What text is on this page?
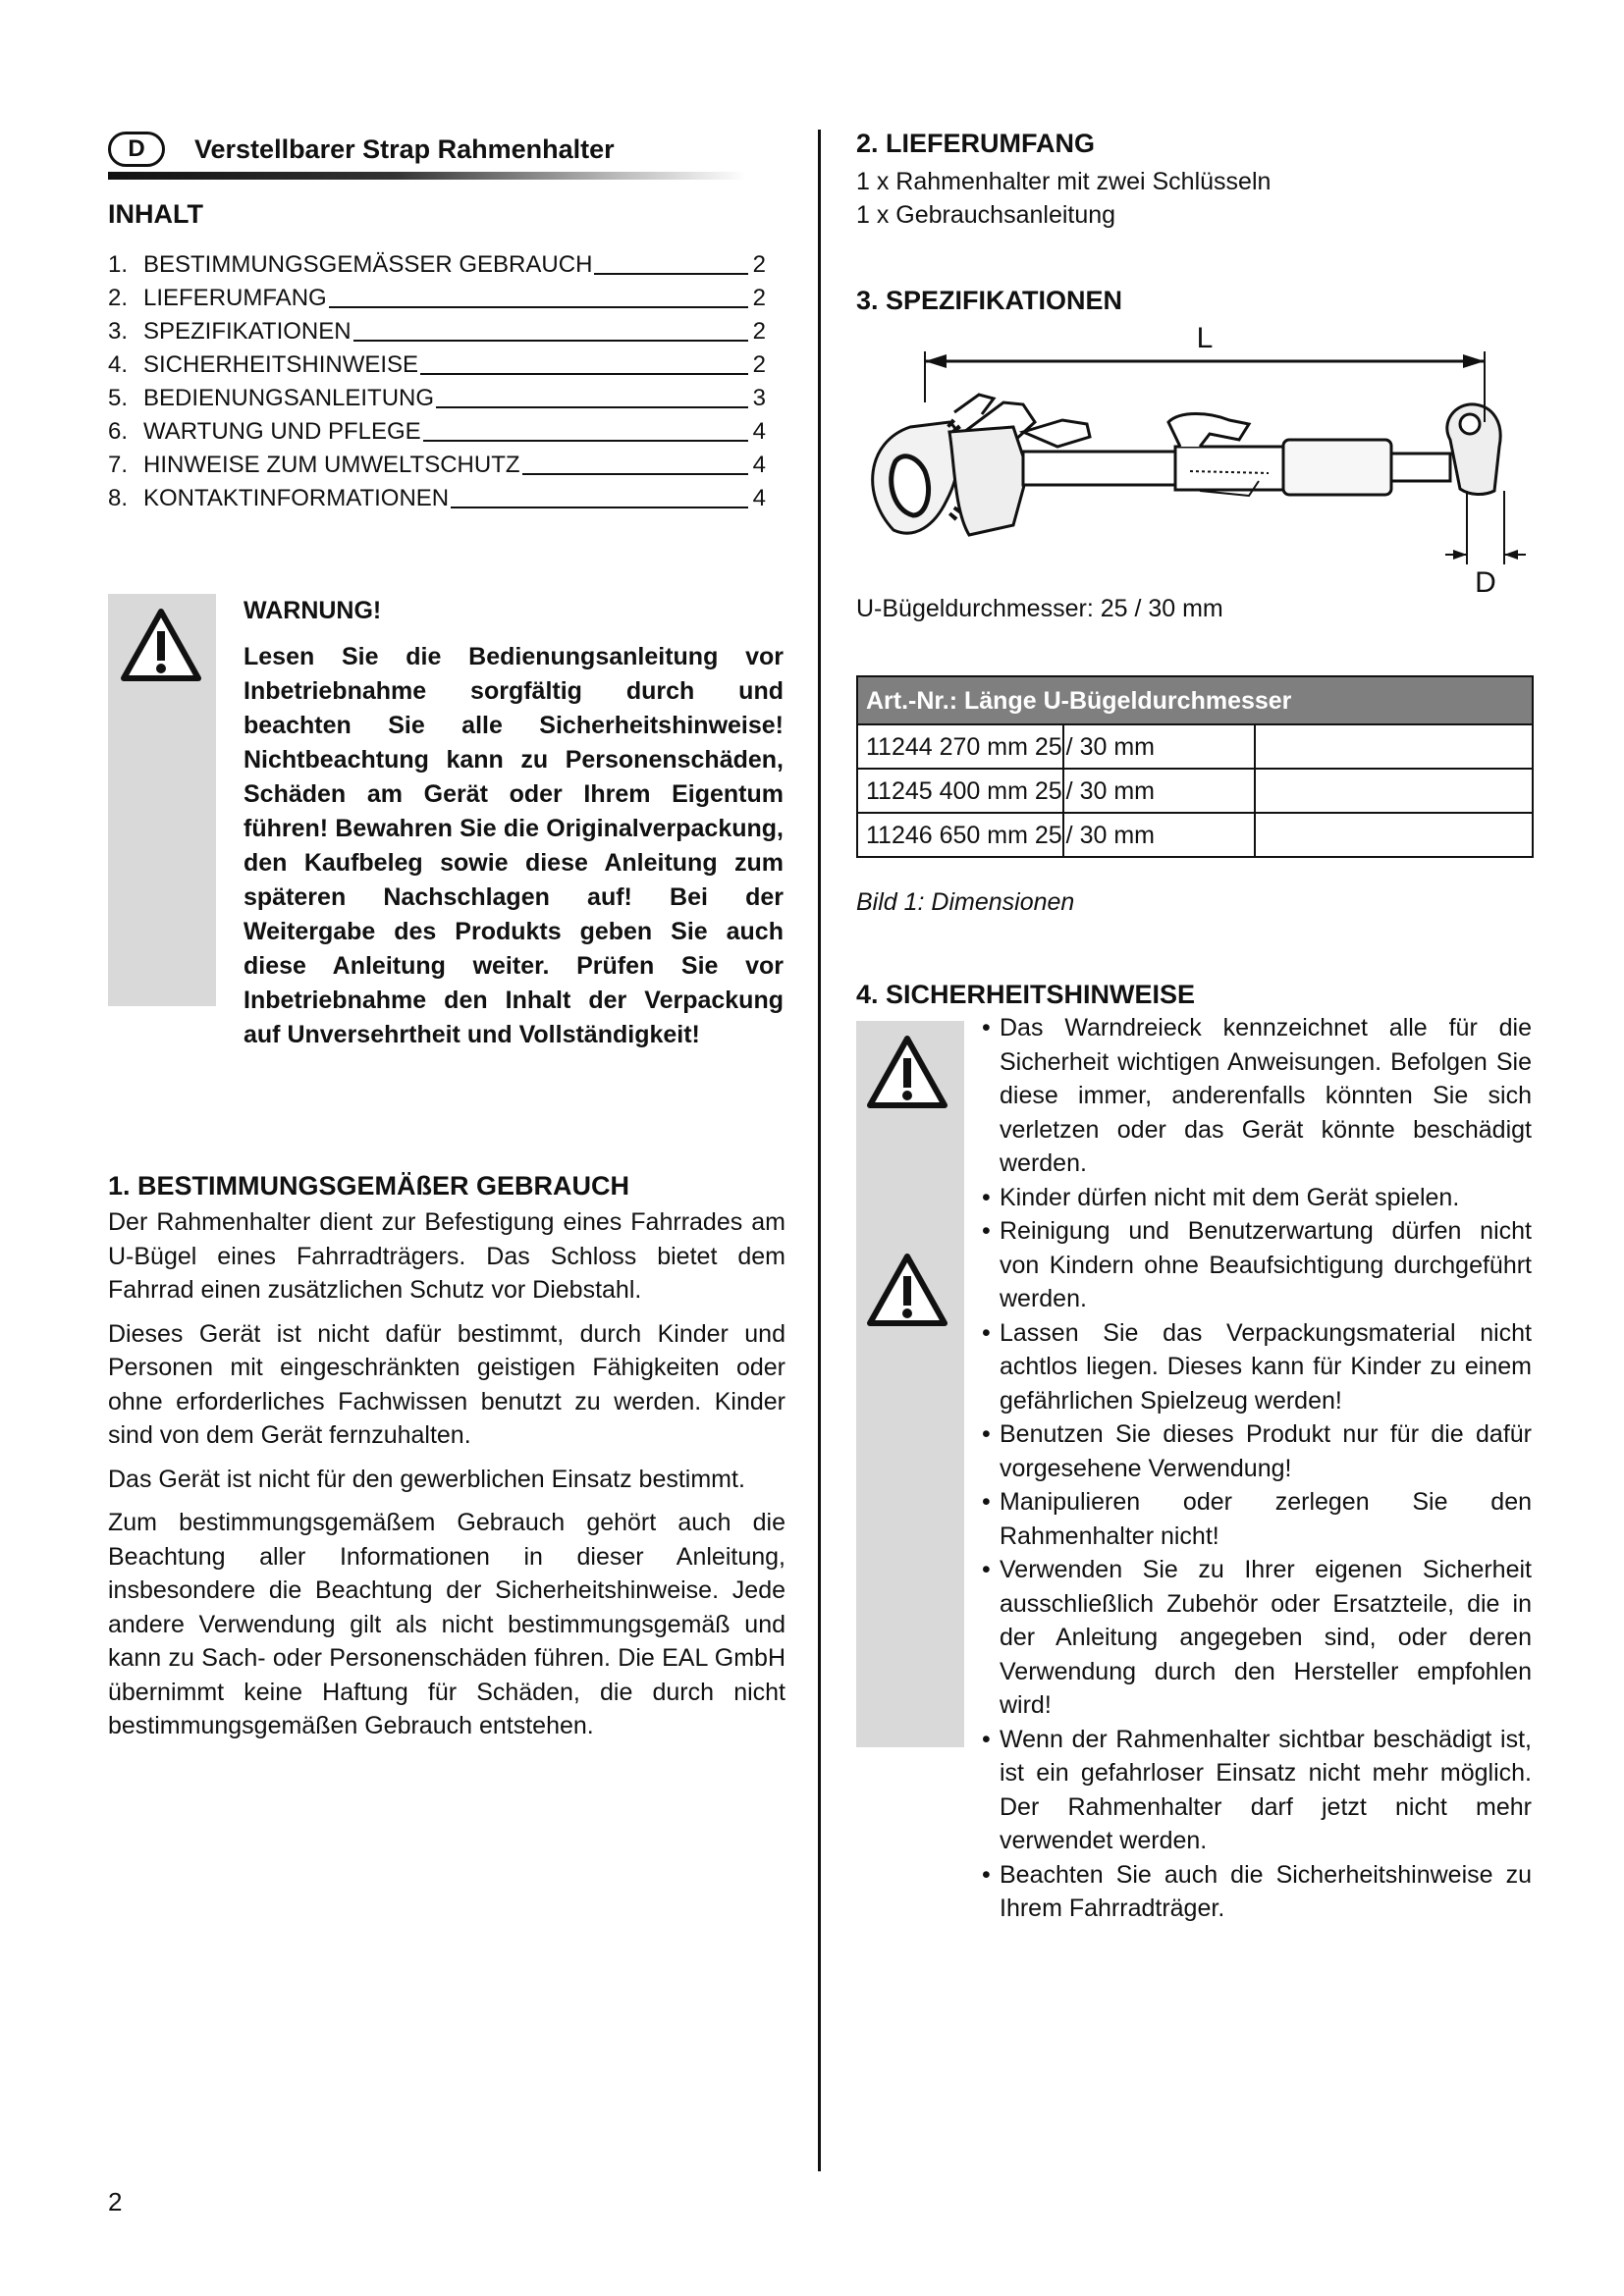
D	Verstellbarer Strap Rahmenhalter
INHALT
1. BESTIMMUNGSGEMÄSSER GEBRAUCH	2
2. LIEFERUMFANG	2
3. SPEZIFIKATIONEN	2
4. SICHERHEITSHINWEISE	2
5. BEDIENUNGSANLEITUNG	3
6. WARTUNG UND PFLEGE	4
7. HINWEISE ZUM UMWELTSCHUTZ	4
8. KONTAKTINFORMATIONEN	4
WARNUNG!
Lesen Sie die Bedienungsanleitung vor Inbetriebnahme sorgfältig durch und beachten Sie alle Sicherheitshinweise! Nichtbeachtung kann zu Personenschäden, Schäden am Gerät oder Ihrem Eigentum führen! Bewahren Sie die Originalverpackung, den Kaufbeleg sowie diese Anleitung zum späteren Nachschlagen auf! Bei der Weitergabe des Produkts geben Sie auch diese Anleitung weiter. Prüfen Sie vor Inbetriebnahme den Inhalt der Verpackung auf Unversehrtheit und Vollständigkeit!
1. BESTIMMUNGSGEMÄßER GEBRAUCH

Der Rahmenhalter dient zur Befestigung eines Fahrrades am U-Bügel eines Fahrradträgers. Das Schloss bietet dem Fahrrad einen zusätzlichen Schutz vor Diebstahl.

Dieses Gerät ist nicht dafür bestimmt, durch Kinder und Personen mit eingeschränkten geistigen Fähigkeiten oder ohne erforderliches Fachwissen benutzt zu werden. Kinder sind von dem Gerät fernzuhalten.

Das Gerät ist nicht für den gewerblichen Einsatz bestimmt.

Zum bestimmungsgemäßem Gebrauch gehört auch die Beachtung aller Informationen in dieser Anleitung, insbesondere die Beachtung der Sicherheitshinweise. Jede andere Verwendung gilt als nicht bestimmungsgemäß und kann zu Sach- oder Personenschäden führen. Die EAL GmbH übernimmt keine Haftung für Schäden, die durch nicht bestimmungsgemäßen Gebrauch entstehen.

2. LIEFERUMFANG
1 x Rahmenhalter mit zwei Schlüsseln
1 x Gebrauchsanleitung
3. SPEZIFIKATIONEN
L
D
U-Bügeldurchmesser: 25 / 30 mm
Art.-Nr.: Länge U-Bügeldurchmesser		

11244 270 mm 25	/ 30 mm	

11245 400 mm 25	/ 30 mm	

11246 650 mm 25	/ 30 mm	

Bild 1: Dimensionen
4. SICHERHEITSHINWEISE
• Das Warndreieck kennzeichnet alle für die Sicherheit wichtigen Anweisungen. Befolgen Sie diese immer, anderenfalls könnten Sie sich verletzen oder das Gerät könnte beschädigt werden.
• Kinder dürfen nicht mit dem Gerät spielen.
• Reinigung und Benutzerwartung dürfen nicht von Kindern ohne Beaufsichtigung durchgeführt werden.
• Lassen Sie das Verpackungsmaterial nicht achtlos liegen. Dieses kann für Kinder zu einem gefährlichen Spielzeug werden!
• Benutzen Sie dieses Produkt nur für die dafür vorgesehene Verwendung!
• Manipulieren oder zerlegen Sie den Rahmenhalter nicht!
• Verwenden Sie zu Ihrer eigenen Sicherheit ausschließlich Zubehör oder Ersatzteile, die in der Anleitung angegeben sind, oder deren Verwendung durch den Hersteller empfohlen wird!
• Wenn der Rahmenhalter sichtbar beschädigt ist, ist ein gefahrloser Einsatz nicht mehr möglich. Der Rahmenhalter darf jetzt nicht mehr verwendet werden.
• Beachten Sie auch die Sicherheitshinweise zu Ihrem Fahrradträger.
2
